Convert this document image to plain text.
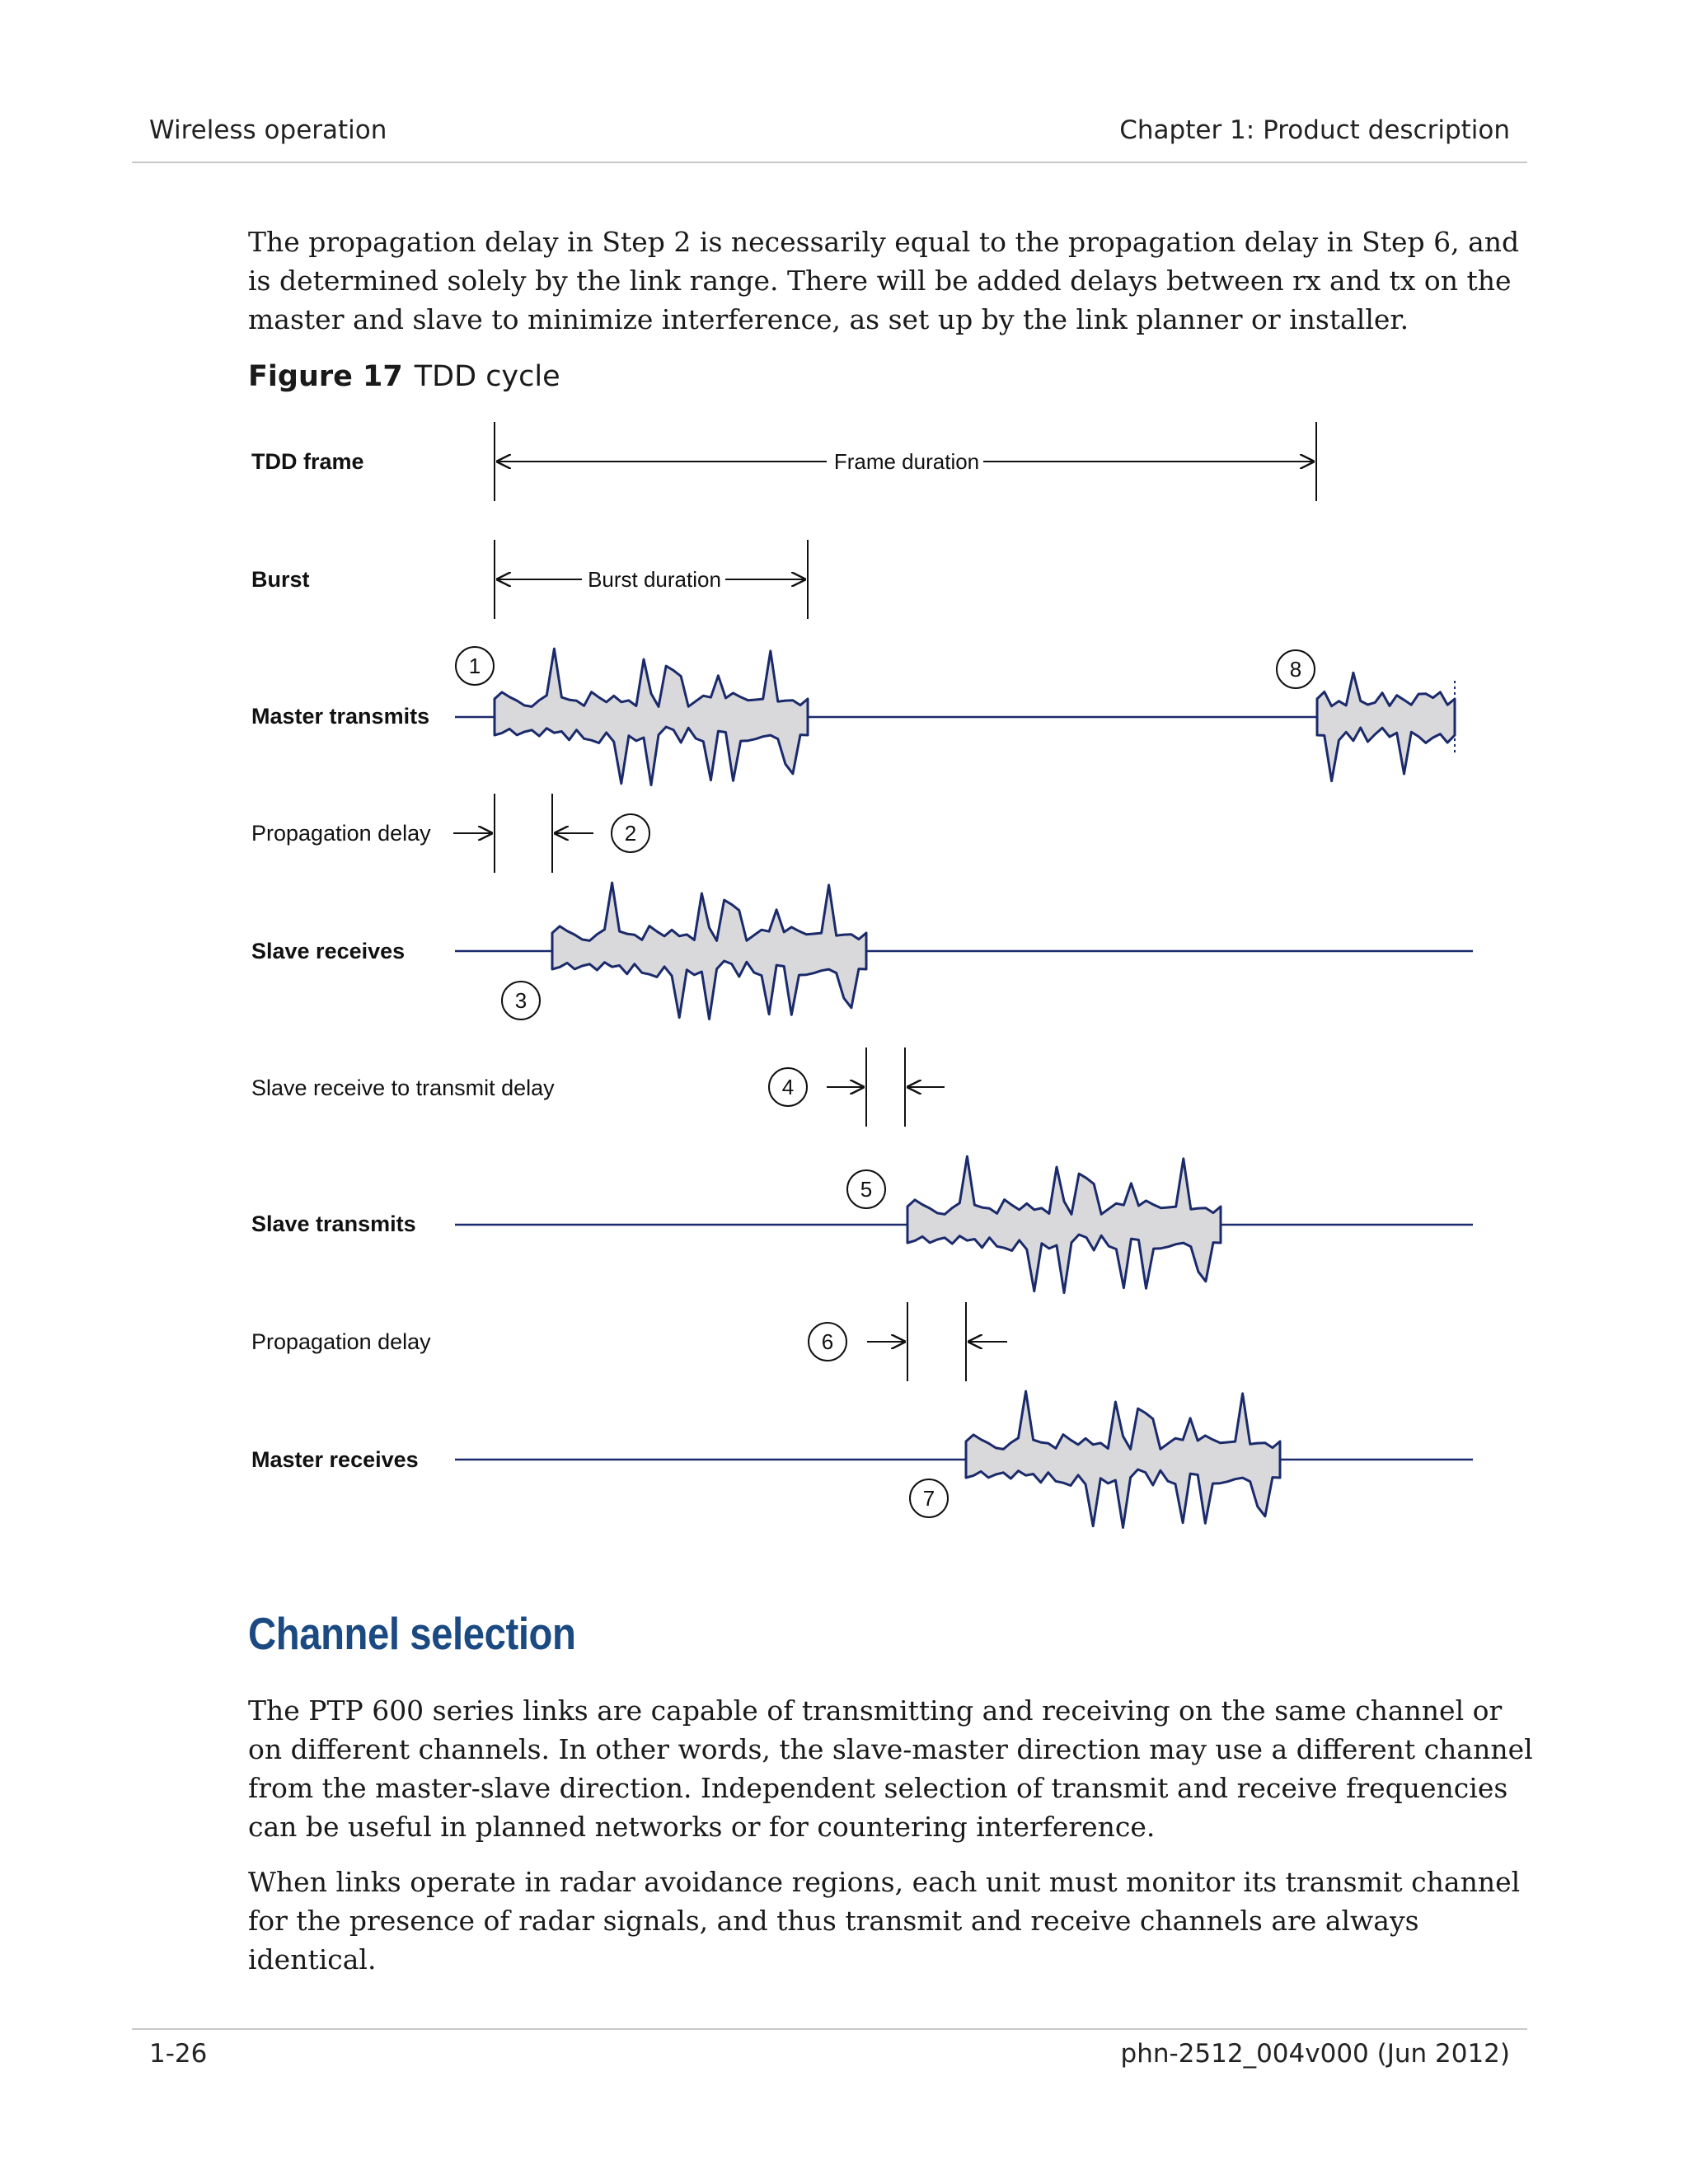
Wireless operation	Chapter 1: Product description

The propagation delay in Step 2 is necessarily equal to the propagation delay in Step 6, and is determined solely by the link range. There will be added delays between rx and tx on the master and slave to minimize interference, as set up by the link planner or installer.

Figure 17 TDD cycle
TDD frame
Burst
Master transmits
Propagation delay
Slave receives
Slave receive to transmit delay
Slave transmits
Propagation delay
Master receives
Frame duration
Burst duration
1
2
3
4
5
6
7
8
Channel selection

The PTP 600 series links are capable of transmitting and receiving on the same channel or on different channels. In other words, the slave-master direction may use a different channel from the master-slave direction. Independent selection of transmit and receive frequencies can be useful in planned networks or for countering interference.

When links operate in radar avoidance regions, each unit must monitor its transmit channel for the presence of radar signals, and thus transmit and receive channels are always identical.

1-26	phn-2512_004v000 (Jun 2012)
